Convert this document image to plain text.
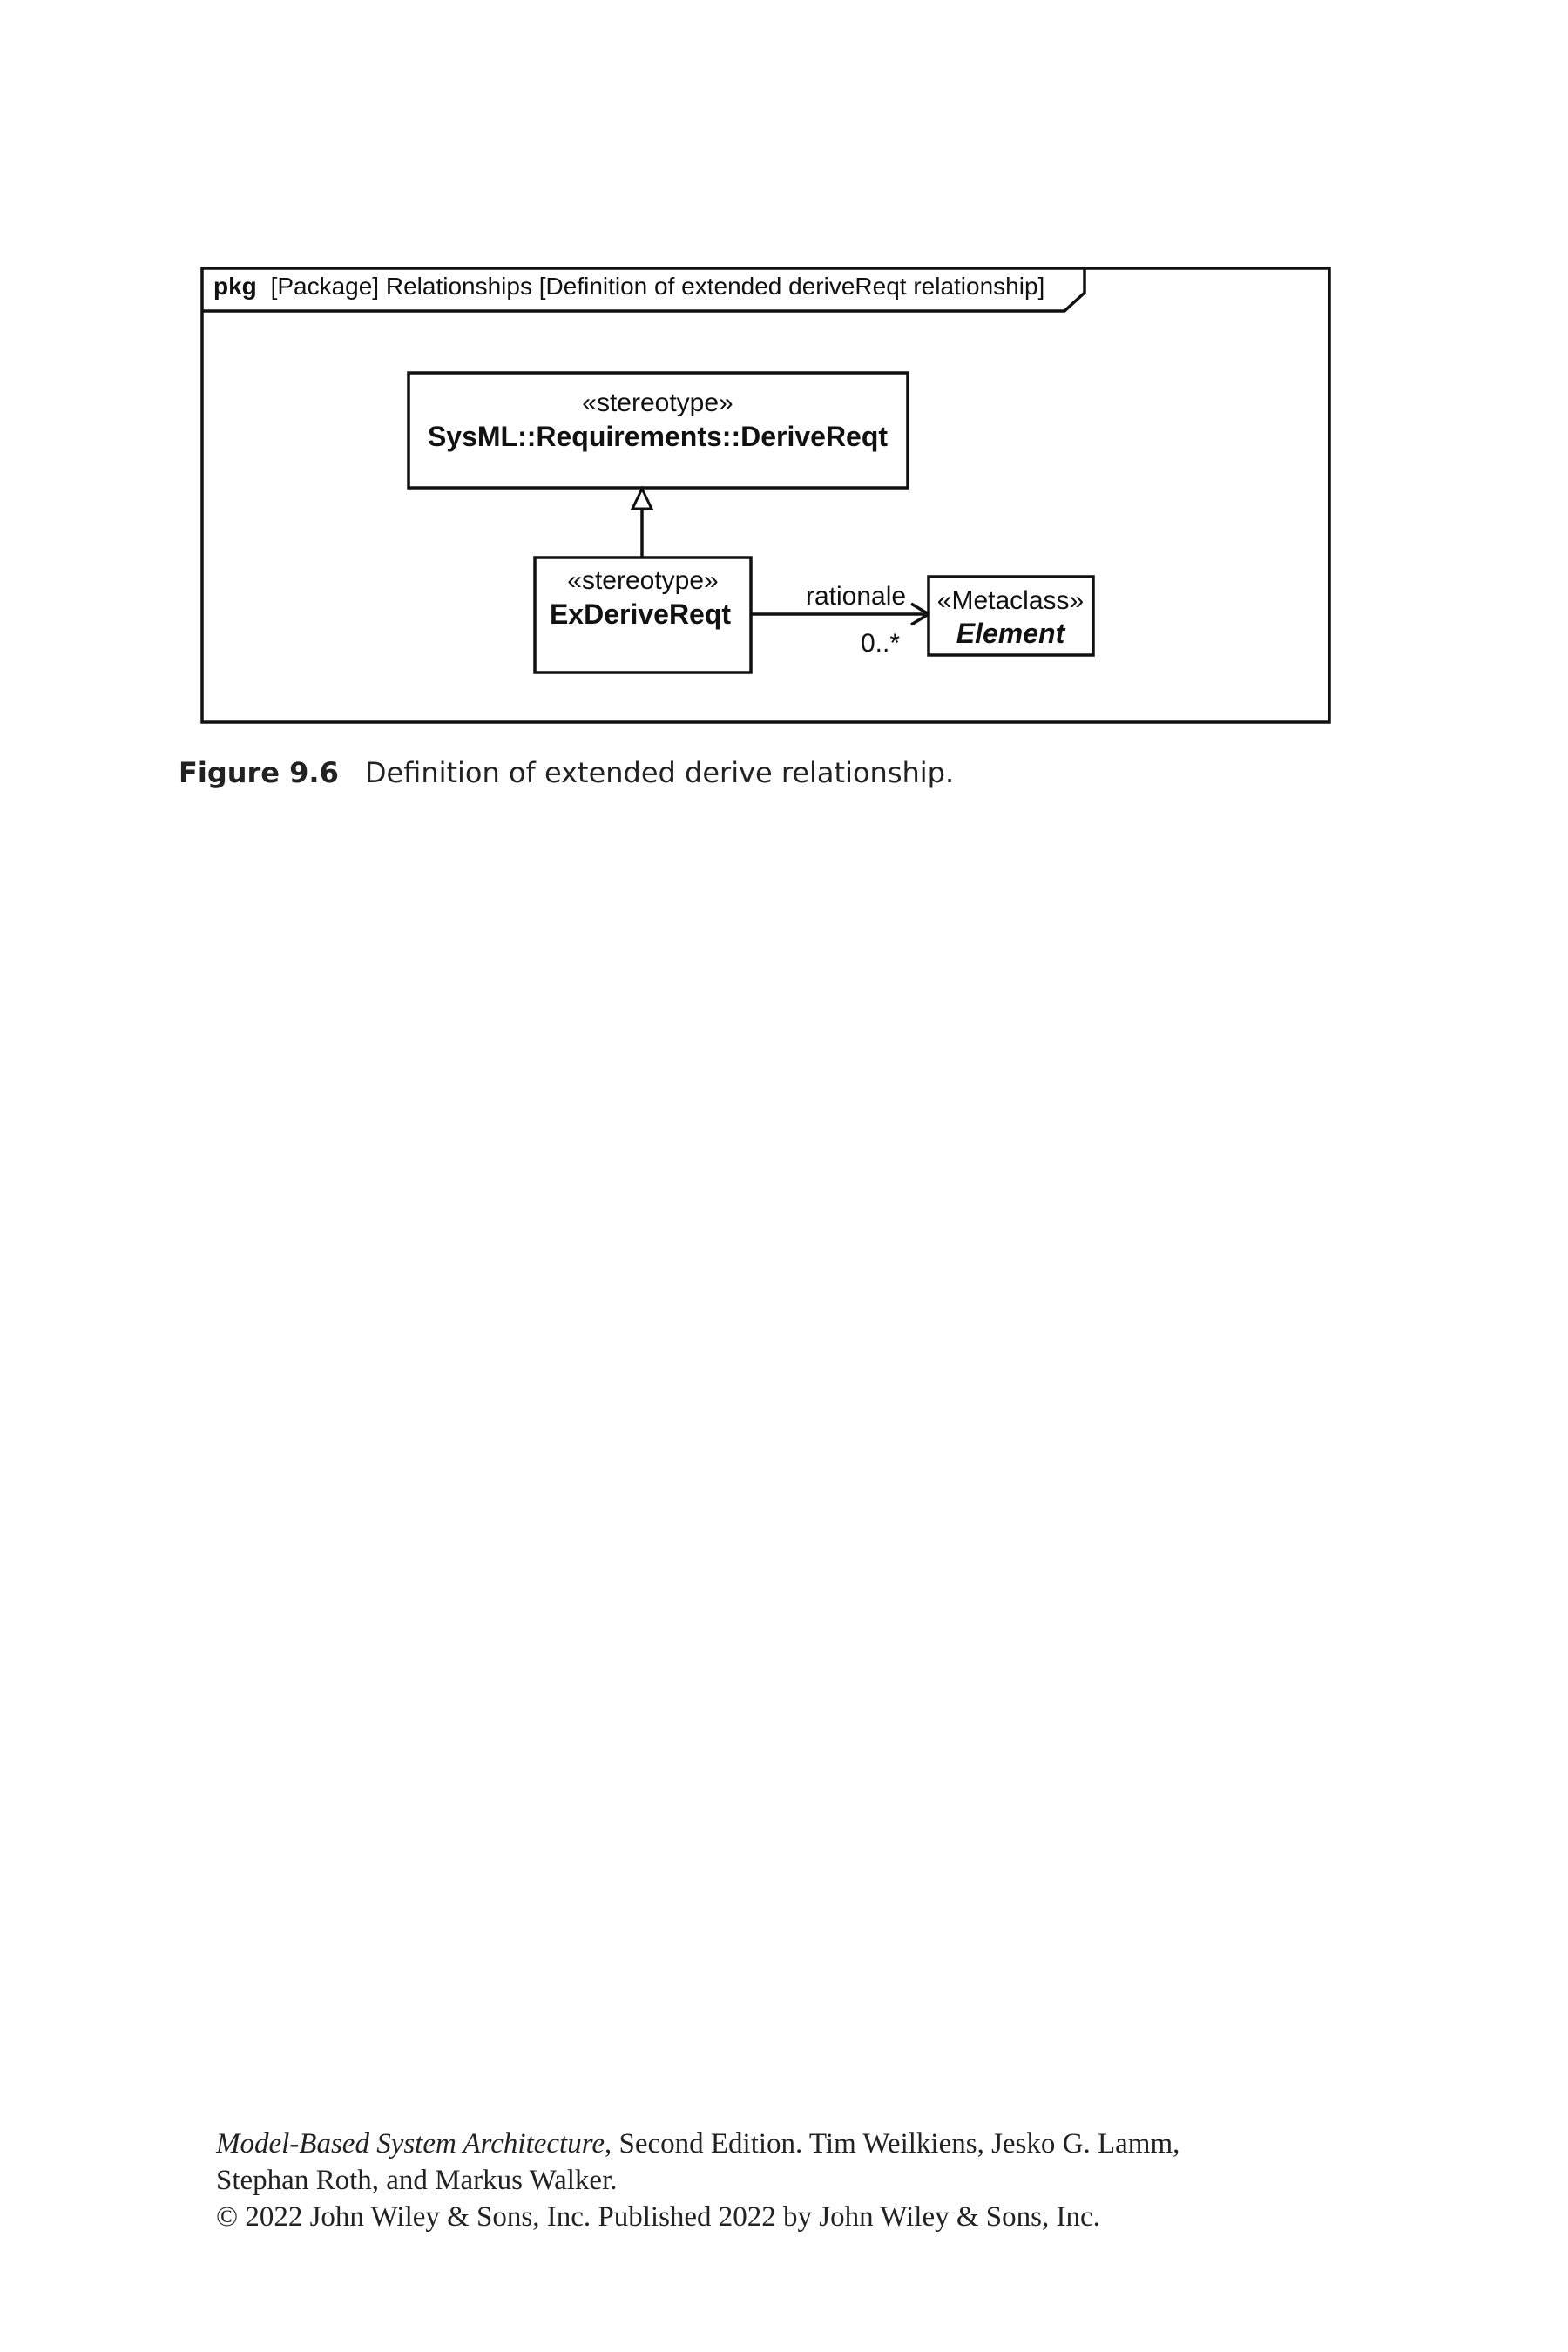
pkg [Package] Relationships [Definition of extended deriveReqt relationship]
«stereotype»
SysML::Requirements::DeriveReqt
«stereotype»
ExDeriveReqt
rationale
0..*
«Metaclass»
Element
Figure 9.6 Definition of extended derive relationship.
Model-Based System Architecture, Second Edition. Tim Weilkiens, Jesko G. Lamm,
Stephan Roth, and Markus Walker.
© 2022 John Wiley & Sons, Inc. Published 2022 by John Wiley & Sons, Inc.
